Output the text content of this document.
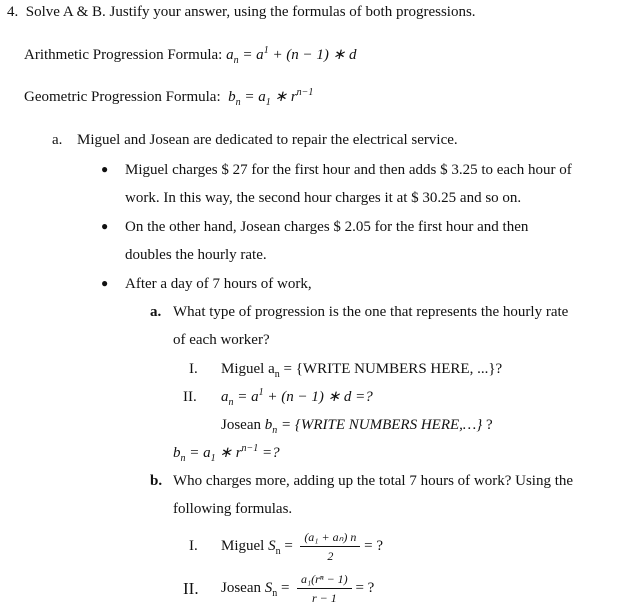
4. Solve A & B. Justify your answer, using the formulas of both progressions.
Arithmetic Progression Formula: $a_n = a^1 + (n - 1)$ ∗ d
Geometric Progression Formula: $b_n = a_1$ ∗ $r^{n-1}$
a. Miguel and Josean are dedicated to repair the electrical service.
● Miguel charges $ 27 for the first hour and then adds $ 3.25 to each hour of
work. In this way, the second hour charges it at $ 30.25 and so on.
● On the other hand, Josean charges $ 2.05 for the first hour and then
doubles the hourly rate.
● After a day of 7 hours of work,
a. What type of progression is the one that represents the hourly rate
of each worker?
I. Miguel $a_n$ = {WRITE NUMBERS HERE, ...}?
II. $a_n = a^1 + (n - 1)$ ∗ d =?
Josean $b_n$ = {WRITE NUMBERS HERE,…} ?
$b_n = a_1$ ∗ $r^{n-1}$ =?
b. Who charges more, adding up the total 7 hours of work? Using the
following formulas.
I. Miguel $S_n = \frac{\text{(a₁ + aₙ) n}}{2}$ = ?
II. Josean $S_n = \frac{\text{a₁(rⁿ − 1)}}{r - 1}$ = ?
